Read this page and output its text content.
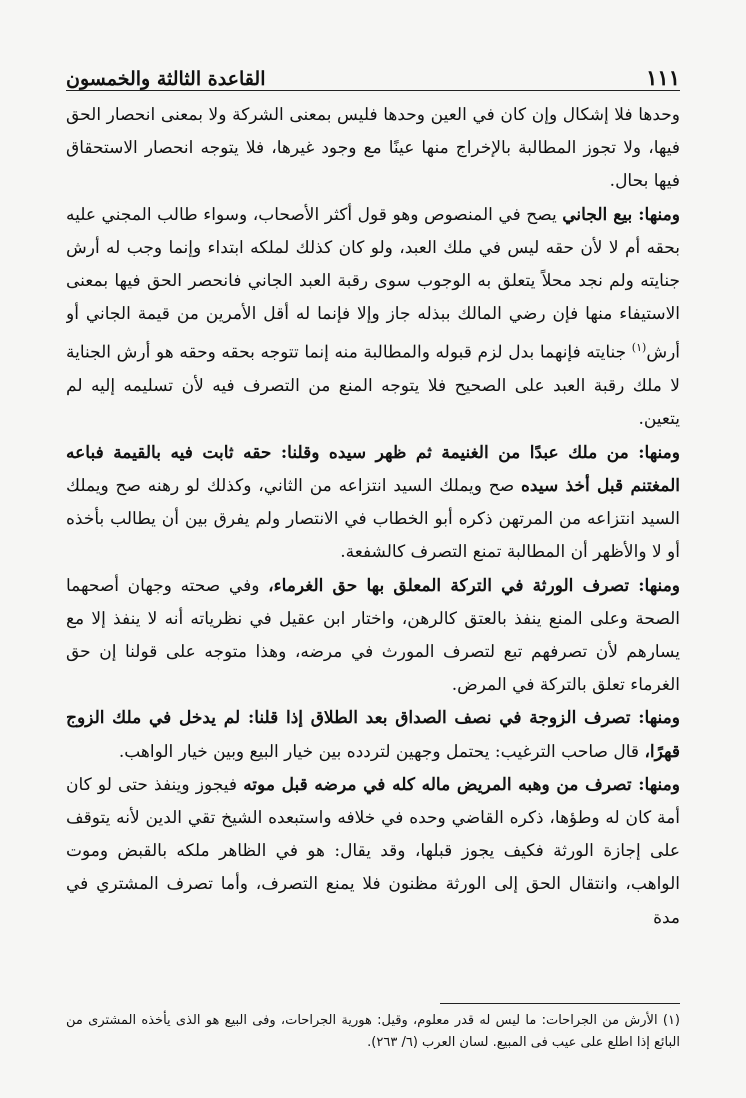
القاعدة الثالثة والخمسون	١١١

وحدها فلا إشكال وإن كان في العين وحدها فليس بمعنى الشركة ولا بمعنى انحصار الحق فيها، ولا تجوز المطالبة بالإخراج منها عينًا مع وجود غيرها، فلا يتوجه انحصار الاستحقاق فيها بحال.

ومنها: بيع الجاني يصح في المنصوص وهو قول أكثر الأصحاب، وسواء طالب المجني عليه بحقه أم لا لأن حقه ليس في ملك العبد، ولو كان كذلك لملكه ابتداء وإنما وجب له أرش جنايته ولم نجد محلاً يتعلق به الوجوب سوى رقبة العبد الجاني فانحصر الحق فيها بمعنى الاستيفاء منها فإن رضي المالك ببذله جاز وإلا فإنما له أقل الأمرين من قيمة الجاني أو أرش$^{(١)}$ جنايته فإنهما بدل لزم قبوله والمطالبة منه إنما تتوجه بحقه وحقه هو أرش الجناية لا ملك رقبة العبد على الصحيح فلا يتوجه المنع من التصرف فيه لأن تسليمه إليه لم يتعين.

ومنها: من ملك عبدًا من الغنيمة ثم ظهر سيده وقلنا: حقه ثابت فيه بالقيمة فباعه المغتنم قبل أخذ سيده صح ويملك السيد انتزاعه من الثاني، وكذلك لو رهنه صح ويملك السيد انتزاعه من المرتهن ذكره أبو الخطاب في الانتصار ولم يفرق بين أن يطالب بأخذه أو لا والأظهر أن المطالبة تمنع التصرف كالشفعة.

ومنها: تصرف الورثة في التركة المعلق بها حق الغرماء، وفي صحته وجهان أصحهما الصحة وعلى المنع ينفذ بالعتق كالرهن، واختار ابن عقيل في نظرياته أنه لا ينفذ إلا مع يسارهم لأن تصرفهم تبع لتصرف المورث في مرضه، وهذا متوجه على قولنا إن حق الغرماء تعلق بالتركة في المرض.

ومنها: تصرف الزوجة في نصف الصداق بعد الطلاق إذا قلنا: لم يدخل في ملك الزوج قهرًا، قال صاحب الترغيب: يحتمل وجهين لتردده بين خيار البيع وبين خيار الواهب.

ومنها: تصرف من وهبه المريض ماله كله في مرضه قبل موته فيجوز وينفذ حتى لو كان أمة كان له وطؤها، ذكره القاضي وحده في خلافه واستبعده الشيخ تقي الدين لأنه يتوقف على إجازة الورثة فكيف يجوز قبلها، وقد يقال: هو في الظاهر ملكه بالقبض وموت الواهب، وانتقال الحق إلى الورثة مظنون فلا يمنع التصرف، وأما تصرف المشتري في مدة

(١) الأرش من الجراحات: ما ليس له قدر معلوم، وقيل: هورية الجراحات، وفى البيع هو الذى يأخذه المشترى من البائع إذا اطلع على عيب فى المبيع. لسان العرب (٦/ ٢٦٣).
